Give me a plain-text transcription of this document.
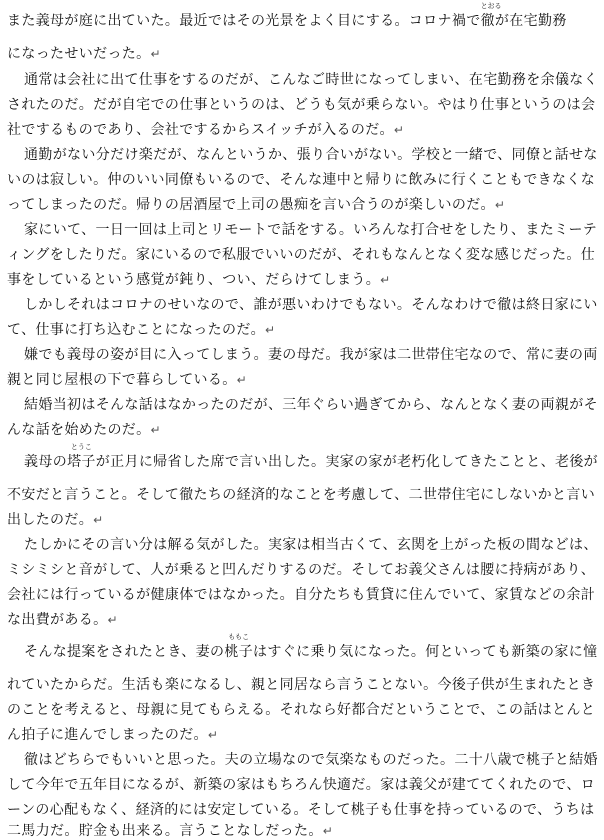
また義母が庭に出ていた。最近ではその光景をよく目にする。コロナ禍で
とおる
徹が在宅勤務
になったせいだった。↵
通常は会社に出て仕事をするのだが、こんなご時世になってしまい、在宅勤務を余儀なく
されたのだ。だが自宅での仕事というのは、どうも気が乗らない。やはり仕事というのは会
社でするものであり、会社でするからスイッチが入るのだ。↵
通勤がない分だけ楽だが、なんというか、張り合いがない。学校と一緒で、同僚と話せな
いのは寂しい。仲のいい同僚もいるので、そんな連中と帰りに飲みに行くこともできなくな
ってしまったのだ。帰りの居酒屋で上司の愚痴を言い合うのが楽しいのだ。↵
家にいて、一日一回は上司とリモートで話をする。いろんな打合せをしたり、またミーテ
ィングをしたりだ。家にいるので私服でいいのだが、それもなんとなく変な感じだった。仕
事をしているという感覚が鈍り、つい、だらけてしまう。↵
しかしそれはコロナのせいなので、誰が悪いわけでもない。そんなわけで徹は終日家にい
て、仕事に打ち込むことになったのだ。↵
嫌でも義母の姿が目に入ってしまう。妻の母だ。我が家は二世帯住宅なので、常に妻の両
親と同じ屋根の下で暮らしている。↵
結婚当初はそんな話はなかったのだが、三年ぐらい過ぎてから、なんとなく妻の両親がそ
んな話を始めたのだ。↵
義母の
とうこ
塔子が正月に帰省した席で言い出した。実家の家が老朽化してきたことと、老後が
不安だと言うこと。そして徹たちの経済的なことを考慮して、二世帯住宅にしないかと言い
出したのだ。↵
たしかにその言い分は解る気がした。実家は相当古くて、玄関を上がった板の間などは、
ミシミシと音がして、人が乗ると凹んだりするのだ。そしてお義父さんは腰に持病があり、
会社には行っているが健康体ではなかった。自分たちも賃貸に住んでいて、家賃などの余計
な出費がある。↵
そんな提案をされたとき、妻の
ももこ
桃子はすぐに乗り気になった。何といっても新築の家に憧
れていたからだ。生活も楽になるし、親と同居なら言うことない。今後子供が生まれたとき
のことを考えると、母親に見てもらえる。それなら好都合だということで、この話はとんと
ん拍子に進んでしまったのだ。↵
徹はどちらでもいいと思った。夫の立場なので気楽なものだった。二十八歳で桃子と結婚
して今年で五年目になるが、新築の家はもちろん快適だ。家は義父が建ててくれたので、ロ
ーンの心配もなく、経済的には安定している。そして桃子も仕事を持っているので、うちは
二馬力だ。貯金も出来る。言うことなしだった。↵
